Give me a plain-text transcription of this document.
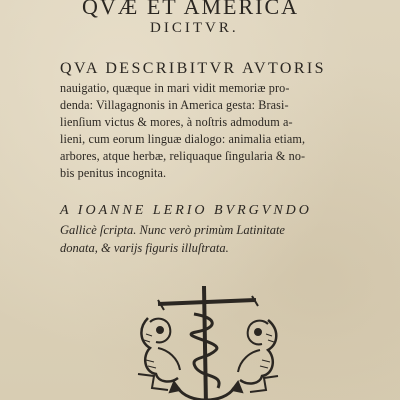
QVÆ ET AMERICA
DICITVR.
QVA DESCRIBITVR AVTORIS
nauigatio, quæque in mari vidit memoriæ pro-
denda: Villagagnonis in America gesta: Brasi-
lienſium victus & mores, à noſtris admodum a-
lieni, cum eorum linguæ dialogo: animalia etiam,
arbores, atque herbæ, reliquaque ſingularia & no-
bis penitus incognita.
A IOANNE LERIO BVRGVNDO
Gallicè ſcripta. Nunc verò primùm Latinitate
donata, & varijs figuris illuſtrata.
